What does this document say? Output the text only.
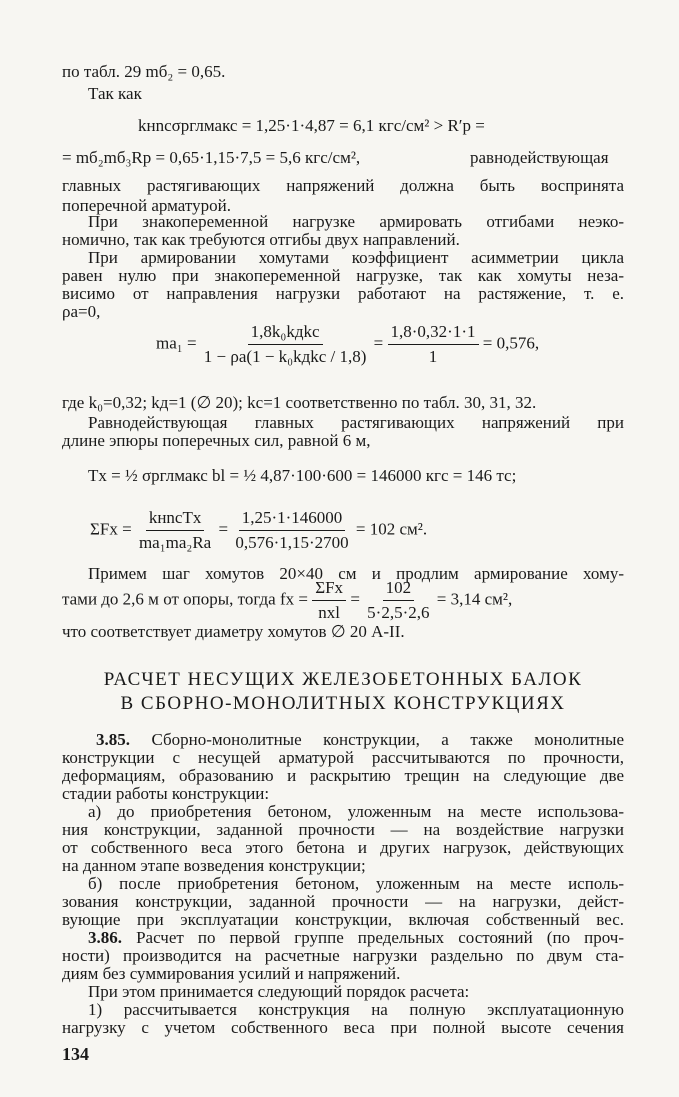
по табл. 29 mб₂ = 0,65.
Так как
kнnсσрглмакс = 1,25·1·4,87 = 6,1 кгс/см² > R′р =
= mб₂mб₃Rр = 0,65·1,15·7,5 = 5,6 кгс/см²,	равнодействующая
главных растягивающих напряжений должна быть воспринята
поперечной арматурой.
При знакопеременной нагрузке армировать отгибами неэко-
номично, так как требуются отгибы двух направлений.
При армировании хомутами коэффициент асимметрии цикла
равен нулю при знакопеременной нагрузке, так как хомуты неза-
висимо от направления нагрузки работают на растяжение, т. е.
ρа=0,
$mа_1 = \frac{\text{1,8k₀kдkс}}{\text{1 − ρа(1 − k₀kдkс / 1,8)}} = \frac{1,8\cdot 0,32\cdot 1\cdot 1}{1} = 0,576$,
где k₀=0,32; kд=1 (∅ 20); kс=1 соответственно по табл. 30, 31, 32.
Равнодействующая главных растягивающих напряжений при
длине эпюры поперечных сил, равной 6 м,
Tх = ½ σрглмакс bl = ½ 4,87·100·600 = 146000 кгс = 146 тс;
$\Sigma Fх = \frac{\text{kнnсTх}}{\text{mа₁mа₂Rа}} = \frac{1,25\cdot 1\cdot 146000}{0,576\cdot 1,15\cdot 2700} = 102$ см².
Примем шаг хомутов 20×40 см и продлим армирование хому-
тами до 2,6 м от опоры, тогда fх = $\frac{\text{ΣFх}}{\text{nхl}} = \frac{102}{5\cdot 2,5\cdot 2,6} = 3,14$ см²,
что соответствует диаметру хомутов ∅ 20 А-II.
РАСЧЕТ НЕСУЩИХ ЖЕЛЕЗОБЕТОННЫХ БАЛОК
В СБОРНО-МОНОЛИТНЫХ КОНСТРУКЦИЯХ
3.85. Сборно-монолитные конструкции, а также монолитные
конструкции с несущей арматурой рассчитываются по прочности,
деформациям, образованию и раскрытию трещин на следующие две
стадии работы конструкции:
а) до приобретения бетоном, уложенным на месте использова-
ния конструкции, заданной прочности — на воздействие нагрузки
от собственного веса этого бетона и других нагрузок, действующих
на данном этапе возведения конструкции;
б) после приобретения бетоном, уложенным на месте исполь-
зования конструкции, заданной прочности — на нагрузки, дейст-
вующие при эксплуатации конструкции, включая собственный вес.
3.86. Расчет по первой группе предельных состояний (по проч-
ности) производится на расчетные нагрузки раздельно по двум ста-
диям без суммирования усилий и напряжений.
При этом принимается следующий порядок расчета:
1) рассчитывается конструкция на полную эксплуатационную
нагрузку с учетом собственного веса при полной высоте сечения
134
